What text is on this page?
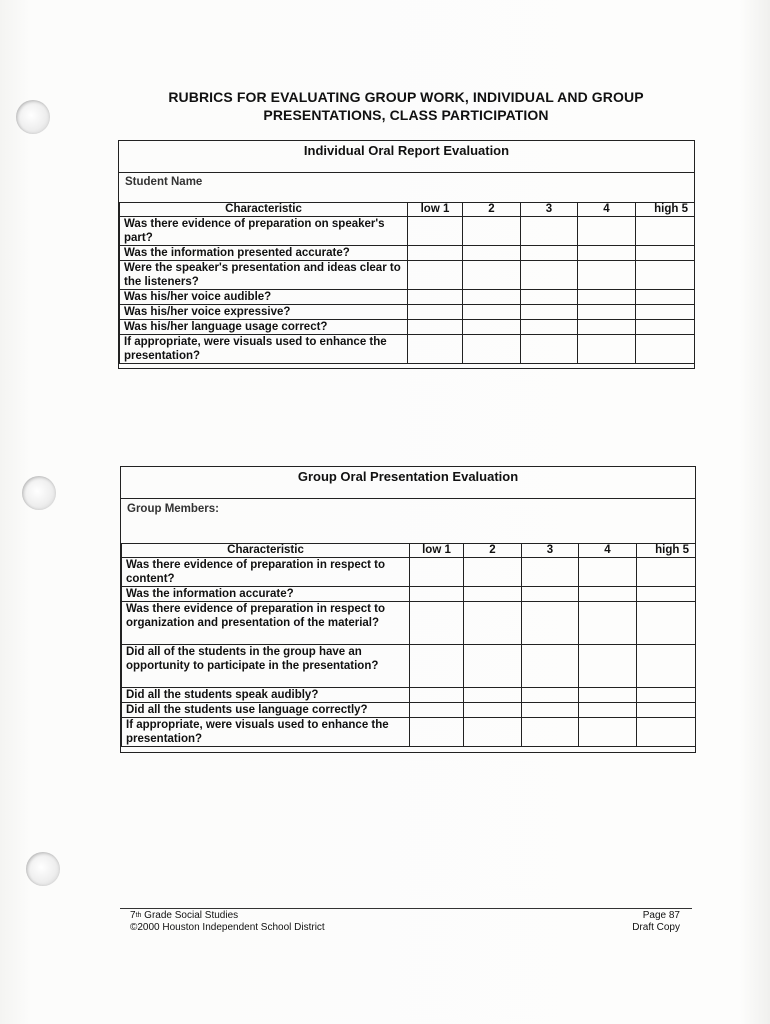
RUBRICS FOR EVALUATING GROUP WORK, INDIVIDUAL AND GROUP
PRESENTATIONS, CLASS PARTICIPATION
Individual Oral Report Evaluation
Student Name
Characteristic	low 1	2	3	4	high 5
Was there evidence of preparation on speaker's part?					
Was the information presented accurate?					
Were the speaker's presentation and ideas clear to the listeners?					
Was his/her voice audible?					
Was his/her voice expressive?					
Was his/her language usage correct?					
If appropriate, were visuals used to enhance the presentation?					
Group Oral Presentation Evaluation
Group Members:
Characteristic	low 1	2	3	4	high 5
Was there evidence of preparation in respect to content?					
Was the information accurate?					
Was there evidence of preparation in respect to organization and presentation of the material?					
Did all of the students in the group have an opportunity to participate in the presentation?					
Did all the students speak audibly?					
Did all the students use language correctly?					
If appropriate, were visuals used to enhance the presentation?					
7th Grade Social Studies
©2000 Houston Independent School District
Page 87
Draft Copy
